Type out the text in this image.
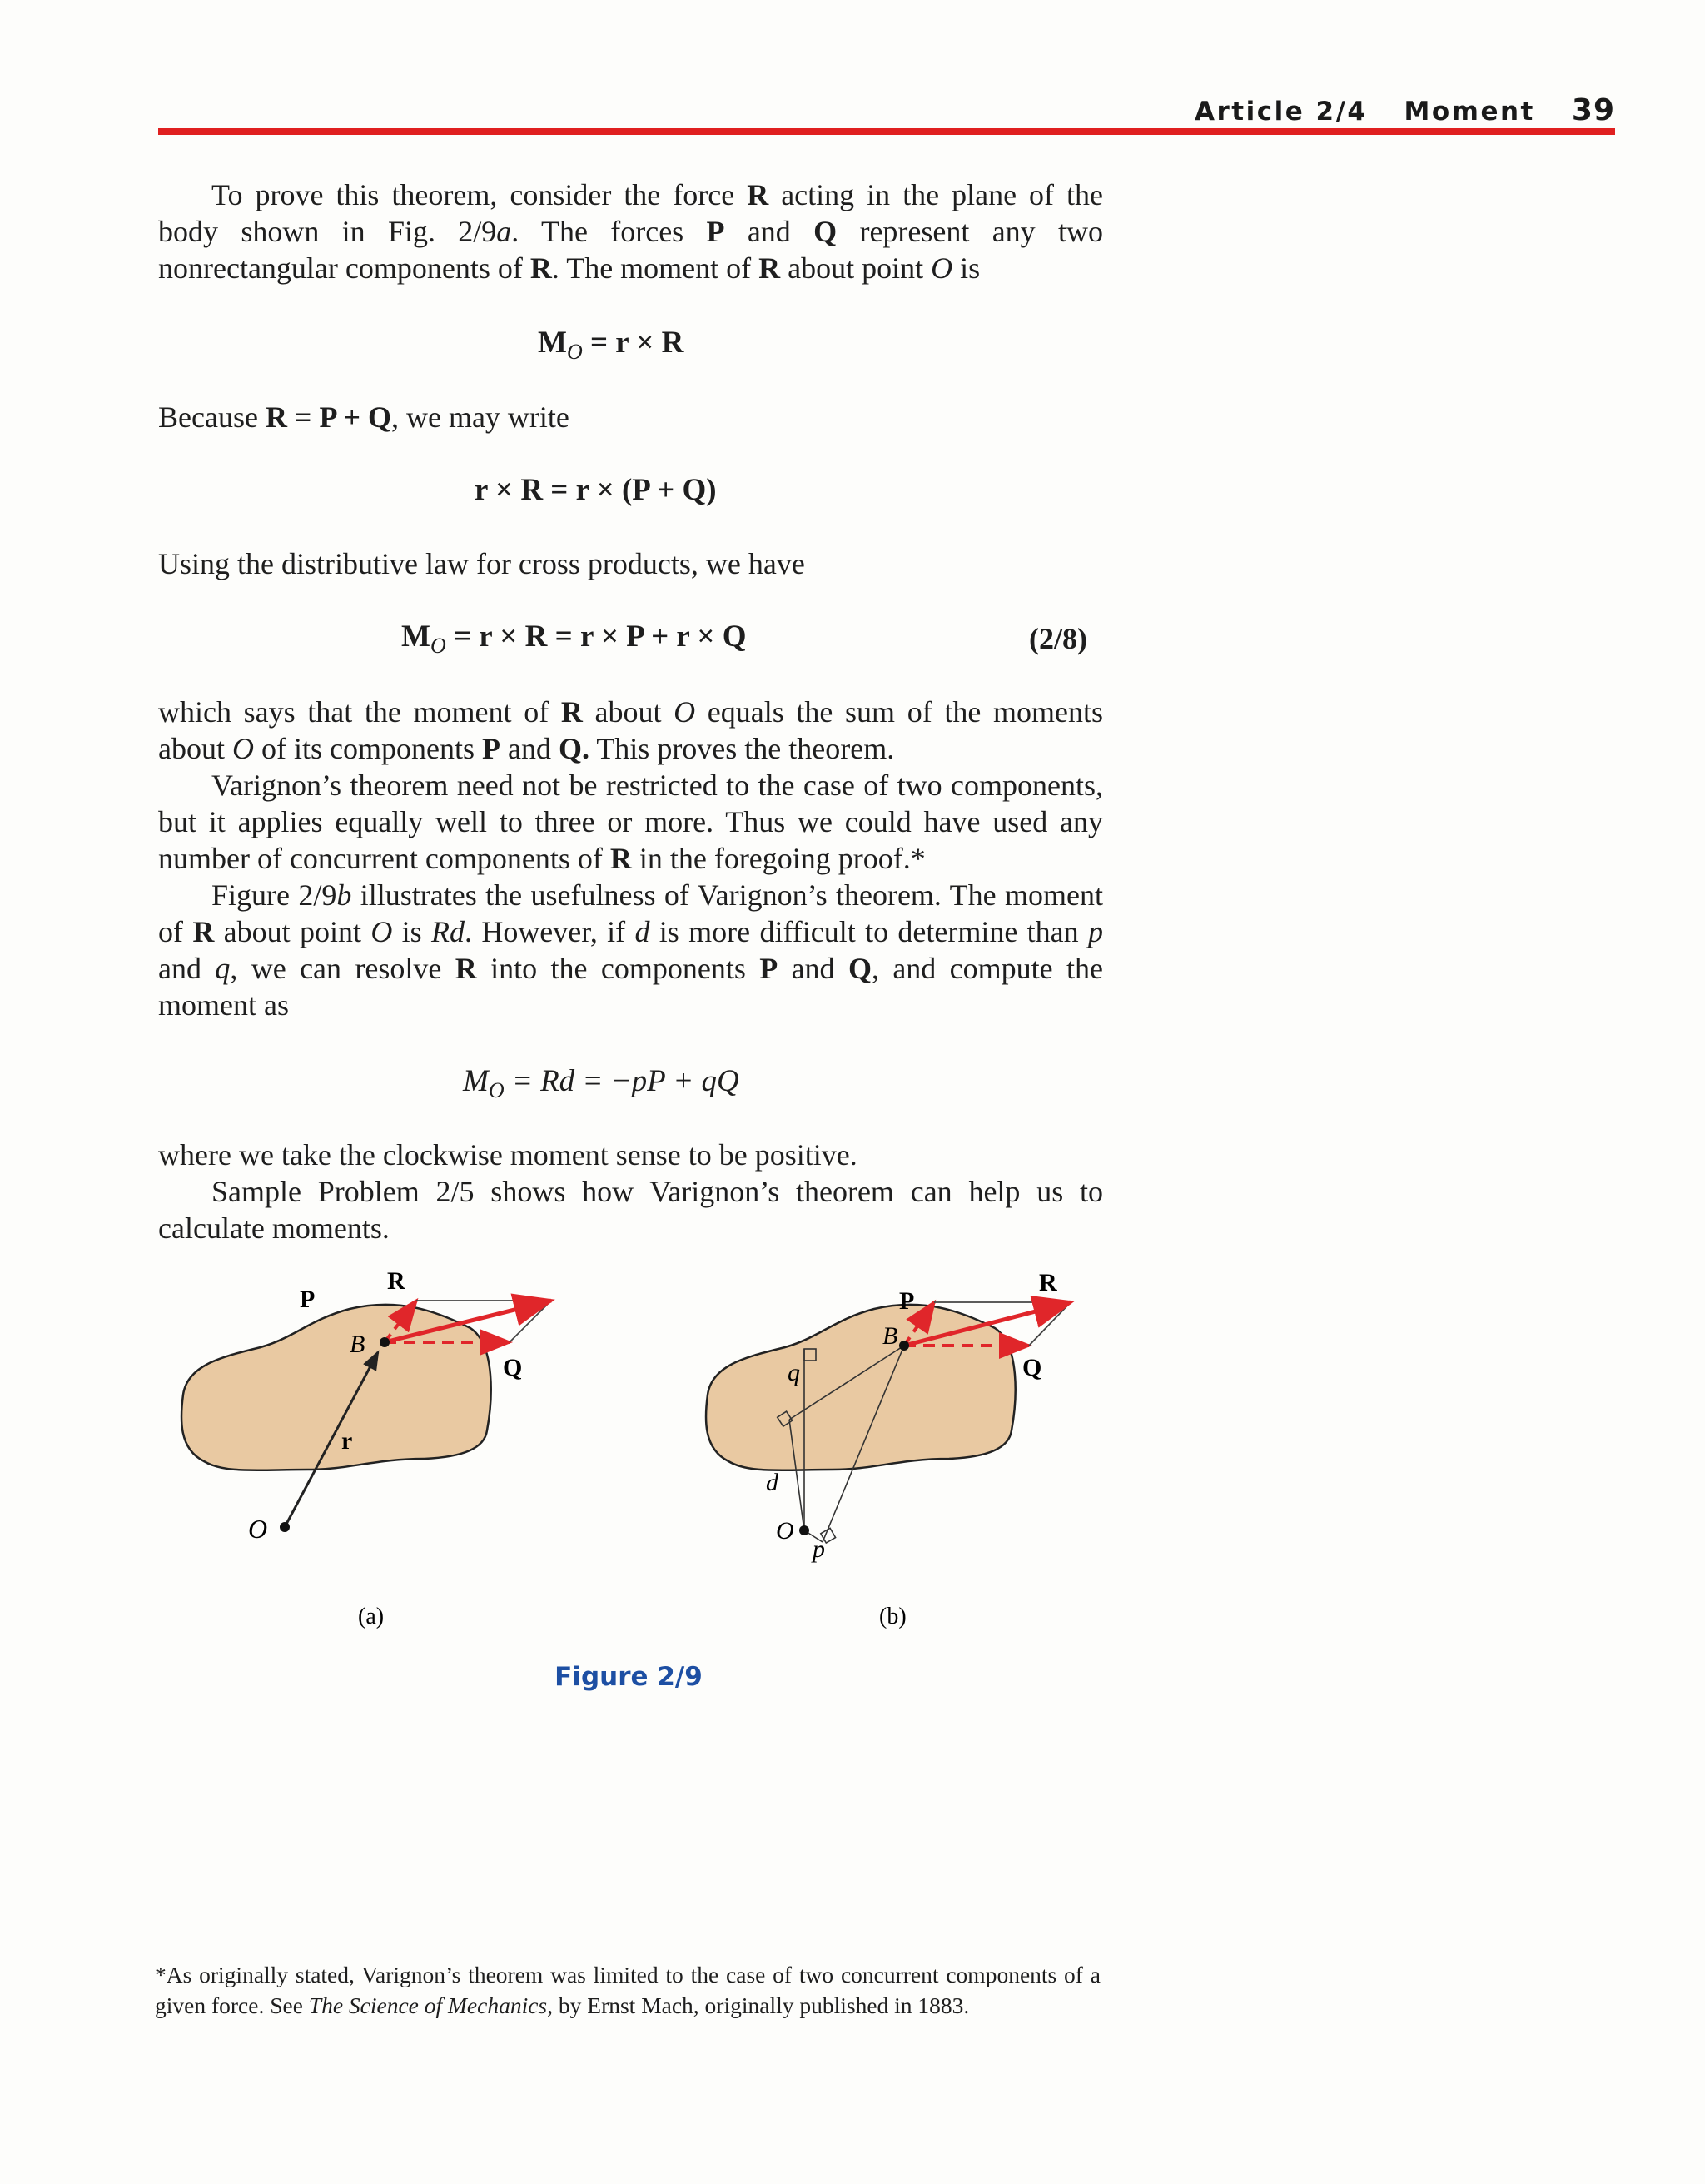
Article 2/4 Moment 39

To prove this theorem, consider the force R acting in the plane of the body shown in Fig. 2/9a. The forces P and Q represent any two nonrectangular components of R. The moment of R about point O is

$M_O = r \times R$

Because R = P + Q, we may write

r × R = r × (P + Q)

Using the distributive law for cross products, we have

$M_O = r \times R = r \times P + r \times Q$	(2/8)

which says that the moment of R about O equals the sum of the moments about O of its components P and Q. This proves the theorem.

Varignon’s theorem need not be restricted to the case of two components, but it applies equally well to three or more. Thus we could have used any number of concurrent components of R in the foregoing proof.*

Figure 2/9b illustrates the usefulness of Varignon’s theorem. The moment of R about point O is Rd. However, if d is more difficult to determine than p and q, we can resolve R into the components P and Q, and compute the moment as

$M_O = Rd = -pP$ + qQ

where we take the clockwise moment sense to be positive.

Sample Problem 2/5 shows how Varignon’s theorem can help us to calculate moments.

R
P
Q
B
r
O
(a)
R
P
Q
B
q
d
O
p
(b)
Figure 2/9
*As originally stated, Varignon’s theorem was limited to the case of two concurrent components of a given force. See The Science of Mechanics, by Ernst Mach, originally published in 1883.
